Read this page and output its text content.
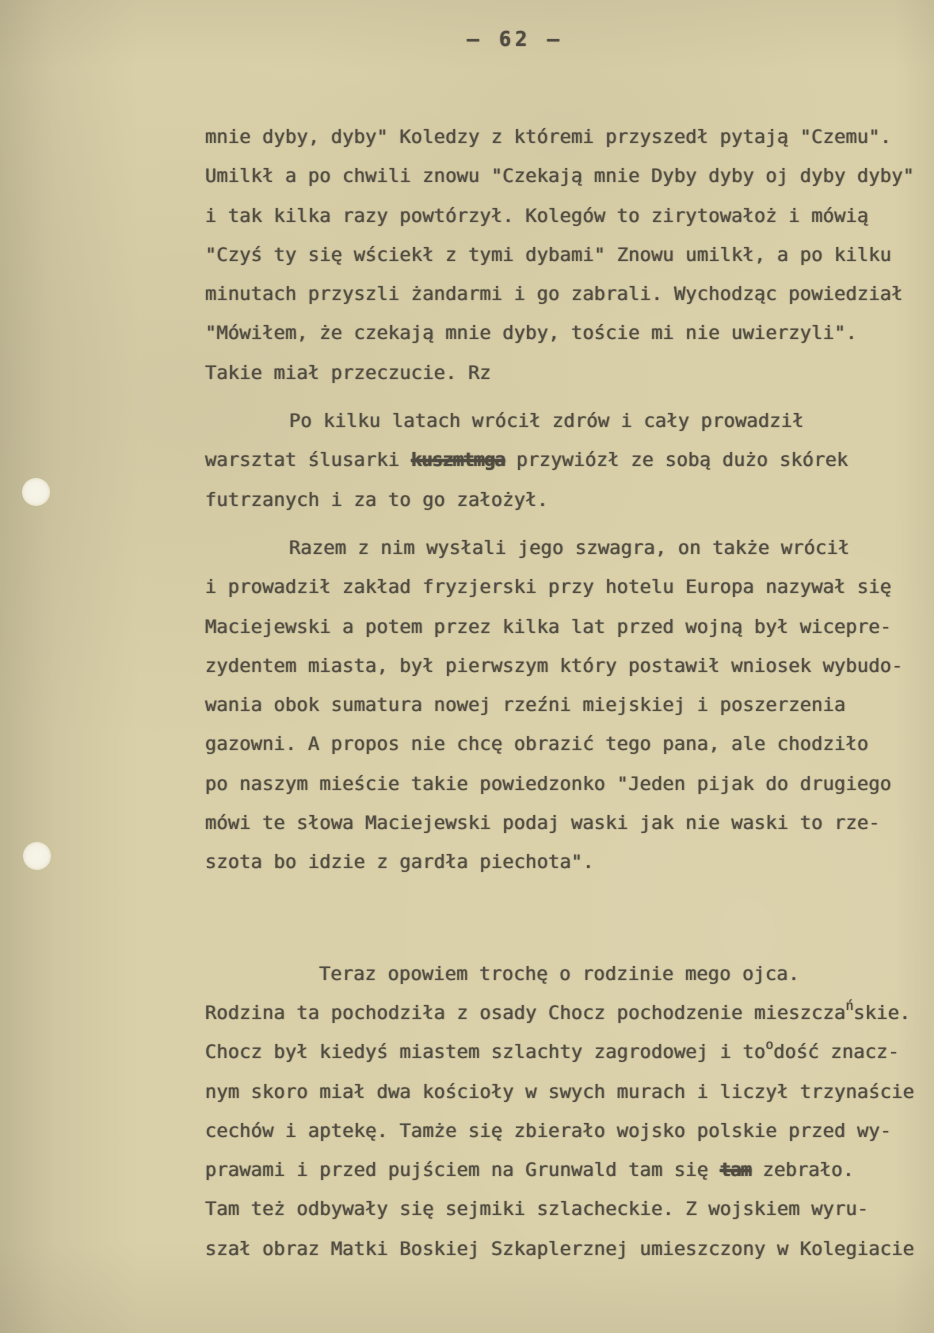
– 62 –
mnie dyby, dyby" Koledzy z któremi przyszedł pytają "Czemu".
Umilkł a po chwili znowu "Czekają mnie Dyby dyby oj dyby dyby"
i tak kilka razy powtórzył. Kolegów to zirytowałoż i mówią
"Czyś ty się wściekł z tymi dybami" Znowu umilkł, a po kilku
minutach przyszli żandarmi i go zabrali. Wychodząc powiedział
"Mówiłem, że czekają mnie dyby, toście mi nie uwierzyli".
Takie miał przeczucie. Rz
Po kilku latach wrócił zdrów i cały prowadził
warsztat ślusarki kuszmtmga przywiózł ze sobą dużo skórek
futrzanych i za to go założył.
Razem z nim wysłali jego szwagra, on także wrócił
i prowadził zakład fryzjerski przy hotelu Europa nazywał się
Maciejewski a potem przez kilka lat przed wojną był wicepre-
zydentem miasta, był pierwszym który postawił wniosek wybudo-
wania obok sumatura nowej rzeźni miejskiej i poszerzenia
gazowni. A propos nie chcę obrazić tego pana, ale chodziło
po naszym mieście takie powiedzonko "Jeden pijak do drugiego
mówi te słowa Maciejewski podaj waski jak nie waski to rze-
szota bo idzie z gardła piechota".
Teraz opowiem trochę o rodzinie mego ojca.
Rodzina ta pochodziła z osady Chocz pochodzenie mieszczańskie.
Chocz był kiedyś miastem szlachty zagrodowej i toodość znacz-
nym skoro miał dwa kościoły w swych murach i liczył trzynaście
cechów i aptekę. Tamże się zbierało wojsko polskie przed wy-
prawami i przed pujściem na Grunwald tam się tam zebrało.
Tam też odbywały się sejmiki szlacheckie. Z wojskiem wyru-
szał obraz Matki Boskiej Szkaplerznej umieszczony w Kolegiacie
